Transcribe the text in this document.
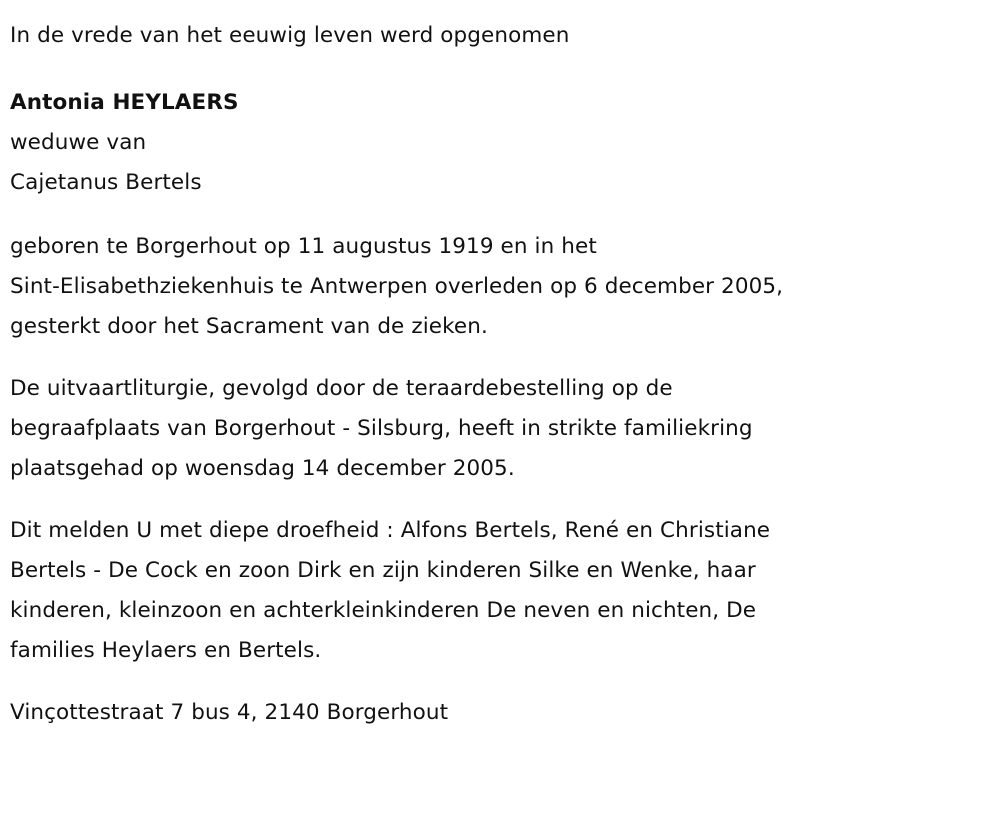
In de vrede van het eeuwig leven werd opgenomen
Antonia HEYLAERS
weduwe van
Cajetanus Bertels
geboren te Borgerhout op 11 augustus 1919 en in het
Sint-Elisabethziekenhuis te Antwerpen overleden op 6 december 2005,
gesterkt door het Sacrament van de zieken.
De uitvaartliturgie, gevolgd door de teraardebestelling op de
begraafplaats van Borgerhout - Silsburg, heeft in strikte familiekring
plaatsgehad op woensdag 14 december 2005.
Dit melden U met diepe droefheid : Alfons Bertels, René en Christiane
Bertels - De Cock en zoon Dirk en zijn kinderen Silke en Wenke, haar
kinderen, kleinzoon en achterkleinkinderen De neven en nichten, De
families Heylaers en Bertels.
Vinçottestraat 7 bus 4, 2140 Borgerhout
